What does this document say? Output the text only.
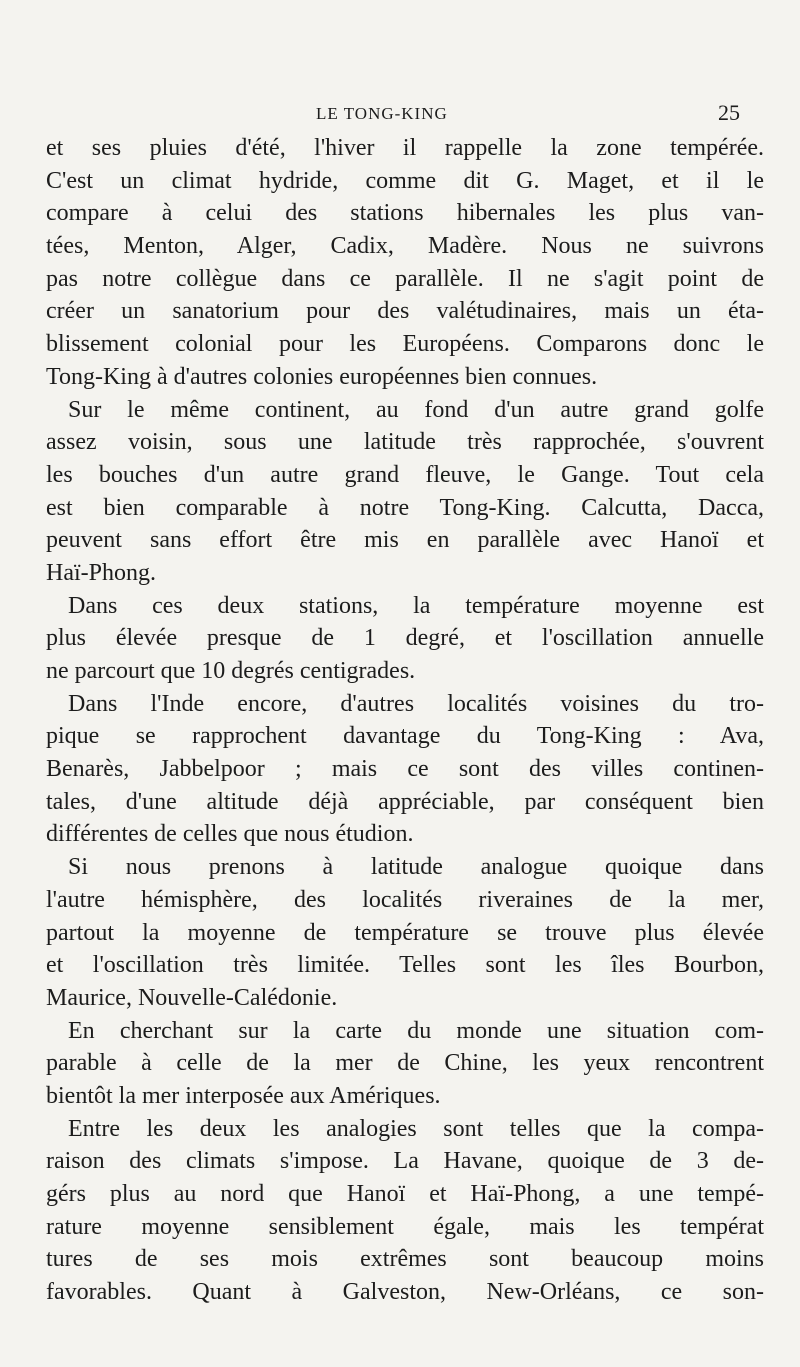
LE TONG-KING	25
et ses pluies d'été, l'hiver il rappelle la zone tempérée.
C'est un climat hydride, comme dit G. Maget, et il le
compare à celui des stations hibernales les plus van-
tées, Menton, Alger, Cadix, Madère. Nous ne suivrons
pas notre collègue dans ce parallèle. Il ne s'agit point de
créer un sanatorium pour des valétudinaires, mais un éta-
blissement colonial pour les Européens. Comparons donc le
Tong-King à d'autres colonies européennes bien connues.
Sur le même continent, au fond d'un autre grand golfe
assez voisin, sous une latitude très rapprochée, s'ouvrent
les bouches d'un autre grand fleuve, le Gange. Tout cela
est bien comparable à notre Tong-King. Calcutta, Dacca,
peuvent sans effort être mis en parallèle avec Hanoï et
Haï-Phong.
Dans ces deux stations, la température moyenne est
plus élevée presque de 1 degré, et l'oscillation annuelle
ne parcourt que 10 degrés centigrades.
Dans l'Inde encore, d'autres localités voisines du tro-
pique se rapprochent davantage du Tong-King : Ava,
Benarès, Jabbelpoor ; mais ce sont des villes continen-
tales, d'une altitude déjà appréciable, par conséquent bien
différentes de celles que nous étudion.
Si nous prenons à latitude analogue quoique dans
l'autre hémisphère, des localités riveraines de la mer,
partout la moyenne de température se trouve plus élevée
et l'oscillation très limitée. Telles sont les îles Bourbon,
Maurice, Nouvelle-Calédonie.
En cherchant sur la carte du monde une situation com-
parable à celle de la mer de Chine, les yeux rencontrent
bientôt la mer interposée aux Amériques.
Entre les deux les analogies sont telles que la compa-
raison des climats s'impose. La Havane, quoique de 3 de-
gérs plus au nord que Hanoï et Haï-Phong, a une tempé-
rature moyenne sensiblement égale, mais les températ
tures de ses mois extrêmes sont beaucoup moins
favorables. Quant à Galveston, New-Orléans, ce son-
